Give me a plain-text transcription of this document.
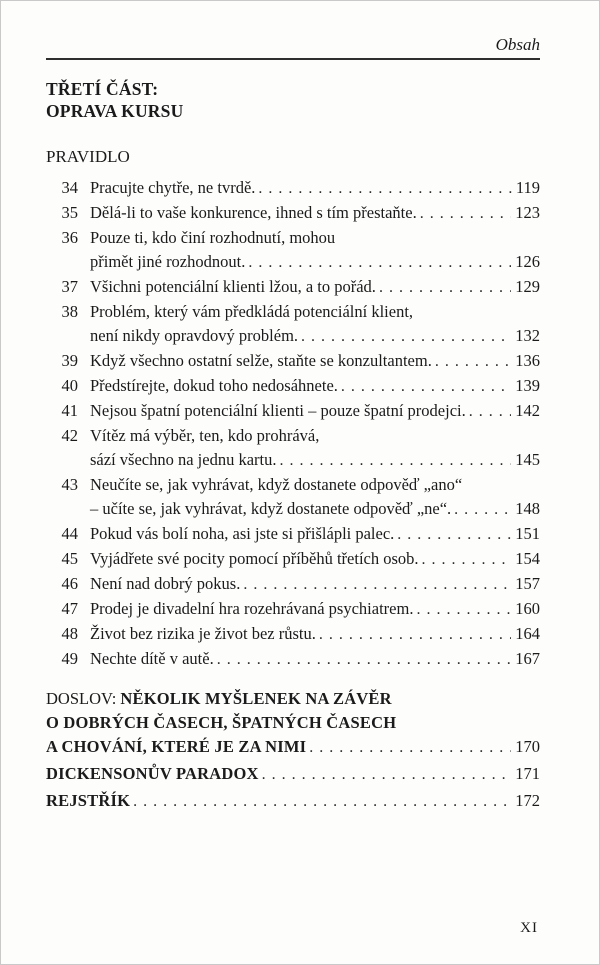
Obsah
TŘETÍ ČÁST:
OPRAVA KURSU
PRAVIDLO
34 Pracujte chytře, ne tvrdě. .....	119
35 Dělá-li to vaše konkurence, ihned s tím přestaňte. .....	123
36 Pouze ti, kdo činí rozhodnutí, mohou
přimět jiné rozhodnout. .....	126
37 Všichni potenciální klienti lžou, a to pořád. .....	129
38 Problém, který vám předkládá potenciální klient,
není nikdy opravdový problém. .....	132
39 Když všechno ostatní selže, staňte se konzultantem. .....	136
40 Předstírejte, dokud toho nedosáhnete. .....	139
41 Nejsou špatní potenciální klienti – pouze špatní prodejci. .....	142
42 Vítěz má výběr, ten, kdo prohrává,
sází všechno na jednu kartu. .....	145
43 Neučíte se, jak vyhrávat, když dostanete odpověď „ano“
– učíte se, jak vyhrávat, když dostanete odpověď „ne“. .....	148
44 Pokud vás bolí noha, asi jste si přišlápli palec. .....	151
45 Vyjádřete své pocity pomocí příběhů třetích osob. .....	154
46 Není nad dobrý pokus. .....	157
47 Prodej je divadelní hra rozehrávaná psychiatrem. .....	160
48 Život bez rizika je život bez růstu. .....	164
49 Nechte dítě v autě. .....	167
DOSLOV: NĚKOLIK MYŠLENEK NA ZÁVĚR
O DOBRÝCH ČASECH, ŠPATNÝCH ČASECH
A CHOVÁNÍ, KTERÉ JE ZA NIMI .....	170
DICKENSONŮV PARADOX .....	171
REJSTŘÍK .....	172
XI
